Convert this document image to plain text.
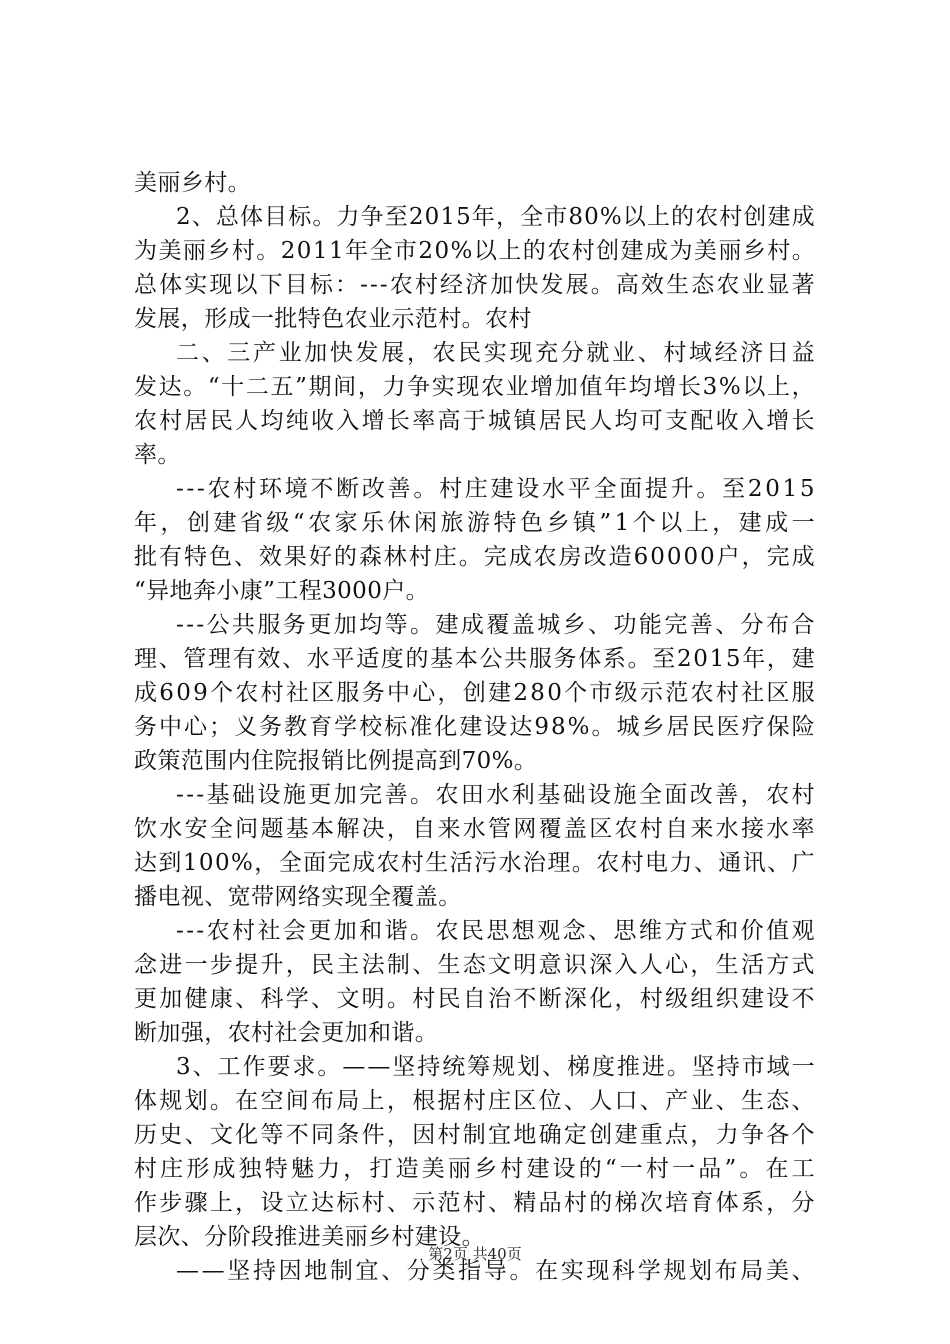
美丽乡村。
2、总体目标。力争至2015年，全市80%以上的农村创建成
为美丽乡村。2011年全市20%以上的农村创建成为美丽乡村。
总体实现以下目标：---农村经济加快发展。高效生态农业显著
发展，形成一批特色农业示范村。农村
二、三产业加快发展，农民实现充分就业、村域经济日益
发达。“十二五”期间，力争实现农业增加值年均增长3%以上，
农村居民人均纯收入增长率高于城镇居民人均可支配收入增长
率。
---农村环境不断改善。村庄建设水平全面提升。至2015
年，创建省级“农家乐休闲旅游特色乡镇”1个以上，建成一
批有特色、效果好的森林村庄。完成农房改造60000户，完成
“异地奔小康”工程3000户。
---公共服务更加均等。建成覆盖城乡、功能完善、分布合
理、管理有效、水平适度的基本公共服务体系。至2015年，建
成609个农村社区服务中心，创建280个市级示范农村社区服
务中心；义务教育学校标准化建设达98%。城乡居民医疗保险
政策范围内住院报销比例提高到70%。
---基础设施更加完善。农田水利基础设施全面改善，农村
饮水安全问题基本解决，自来水管网覆盖区农村自来水接水率
达到100%，全面完成农村生活污水治理。农村电力、通讯、广
播电视、宽带网络实现全覆盖。
---农村社会更加和谐。农民思想观念、思维方式和价值观
念进一步提升，民主法制、生态文明意识深入人心，生活方式
更加健康、科学、文明。村民自治不断深化，村级组织建设不
断加强，农村社会更加和谐。
3、工作要求。——坚持统筹规划、梯度推进。坚持市域一
体规划。在空间布局上，根据村庄区位、人口、产业、生态、
历史、文化等不同条件，因村制宜地确定创建重点，力争各个
村庄形成独特魅力，打造美丽乡村建设的“一村一品”。在工
作步骤上，设立达标村、示范村、精品村的梯次培育体系，分
层次、分阶段推进美丽乡村建设。
——坚持因地制宜、分类指导。在实现科学规划布局美、
第2页 共40页
